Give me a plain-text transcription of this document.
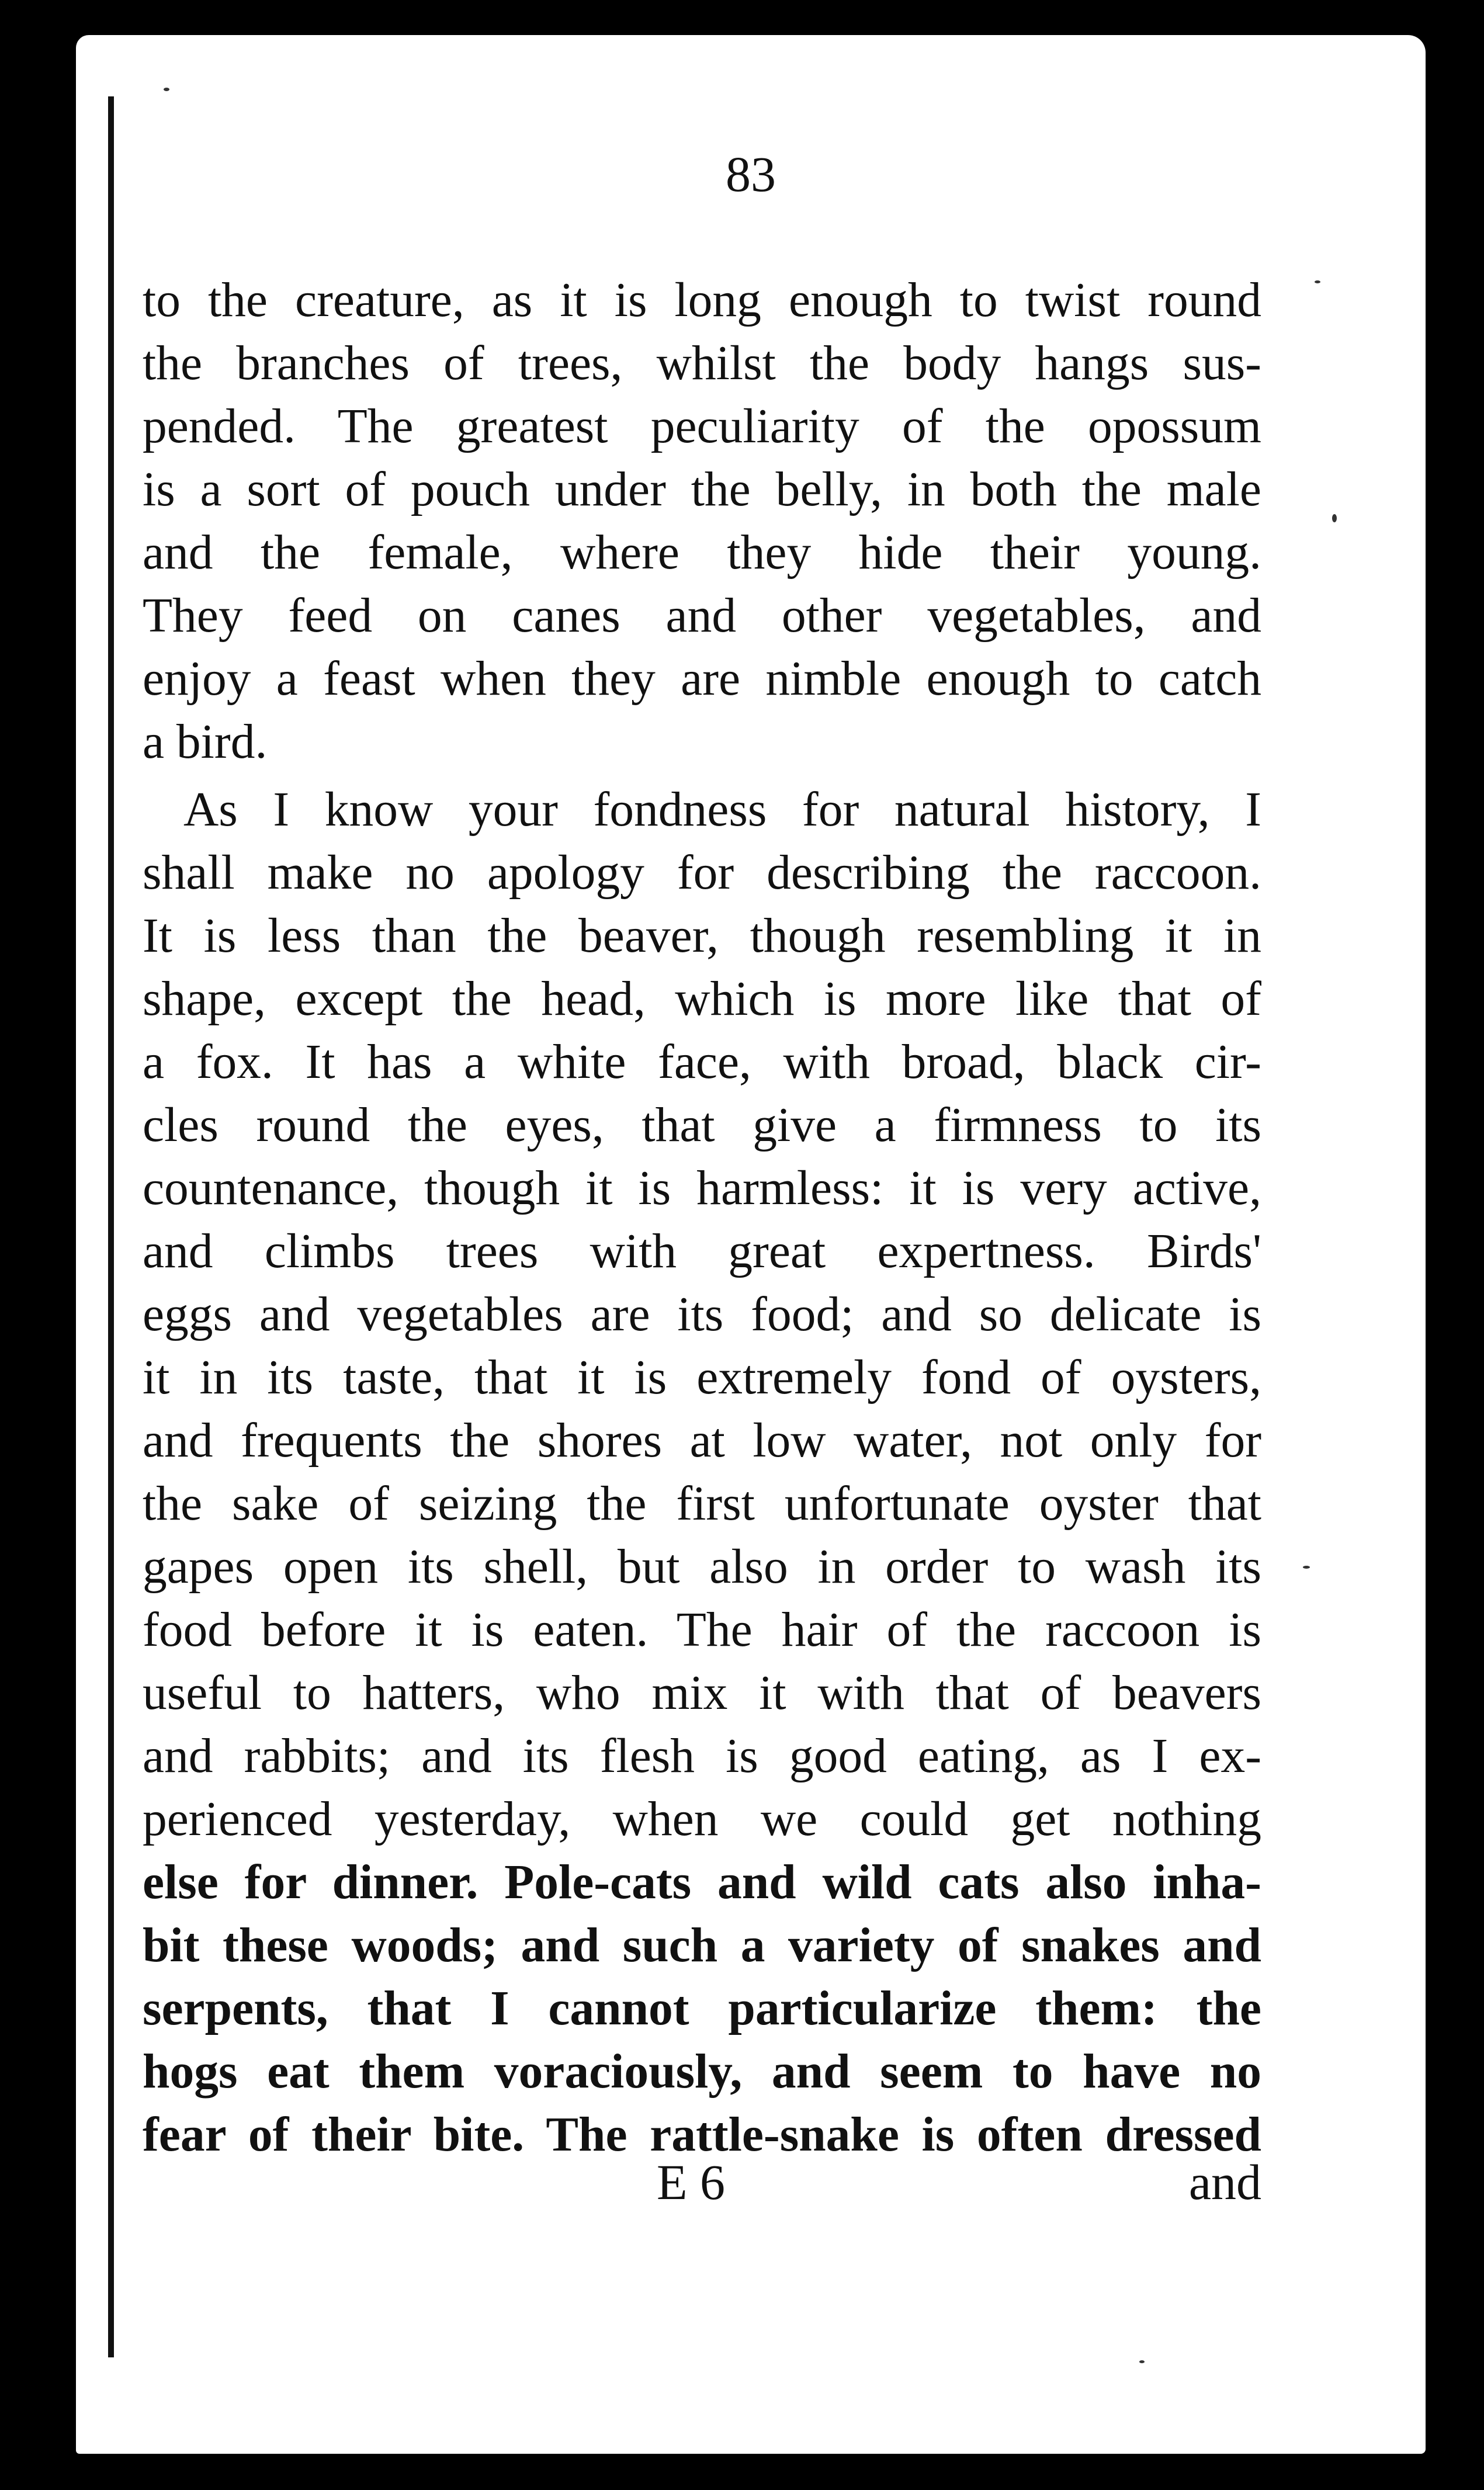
83
to the creature, as it is long enough to twist round
the branches of trees, whilst the body hangs sus-
pended. The greatest peculiarity of the opossum
is a sort of pouch under the belly, in both the male
and the female, where they hide their young.
They feed on canes and other vegetables, and
enjoy a feast when they are nimble enough to catch
a bird.
As I know your fondness for natural history, I
shall make no apology for describing the raccoon.
It is less than the beaver, though resembling it in
shape, except the head, which is more like that of
a fox. It has a white face, with broad, black cir-
cles round the eyes, that give a firmness to its
countenance, though it is harmless: it is very active,
and climbs trees with great expertness. Birds'
eggs and vegetables are its food; and so delicate is
it in its taste, that it is extremely fond of oysters,
and frequents the shores at low water, not only for
the sake of seizing the first unfortunate oyster that
gapes open its shell, but also in order to wash its
food before it is eaten. The hair of the raccoon is
useful to hatters, who mix it with that of beavers
and rabbits; and its flesh is good eating, as I ex-
perienced yesterday, when we could get nothing
else for dinner. Pole-cats and wild cats also inha-
bit these woods; and such a variety of snakes and
serpents, that I cannot particularize them: the
hogs eat them voraciously, and seem to have no
fear of their bite. The rattle-snake is often dressed
E 6	and
